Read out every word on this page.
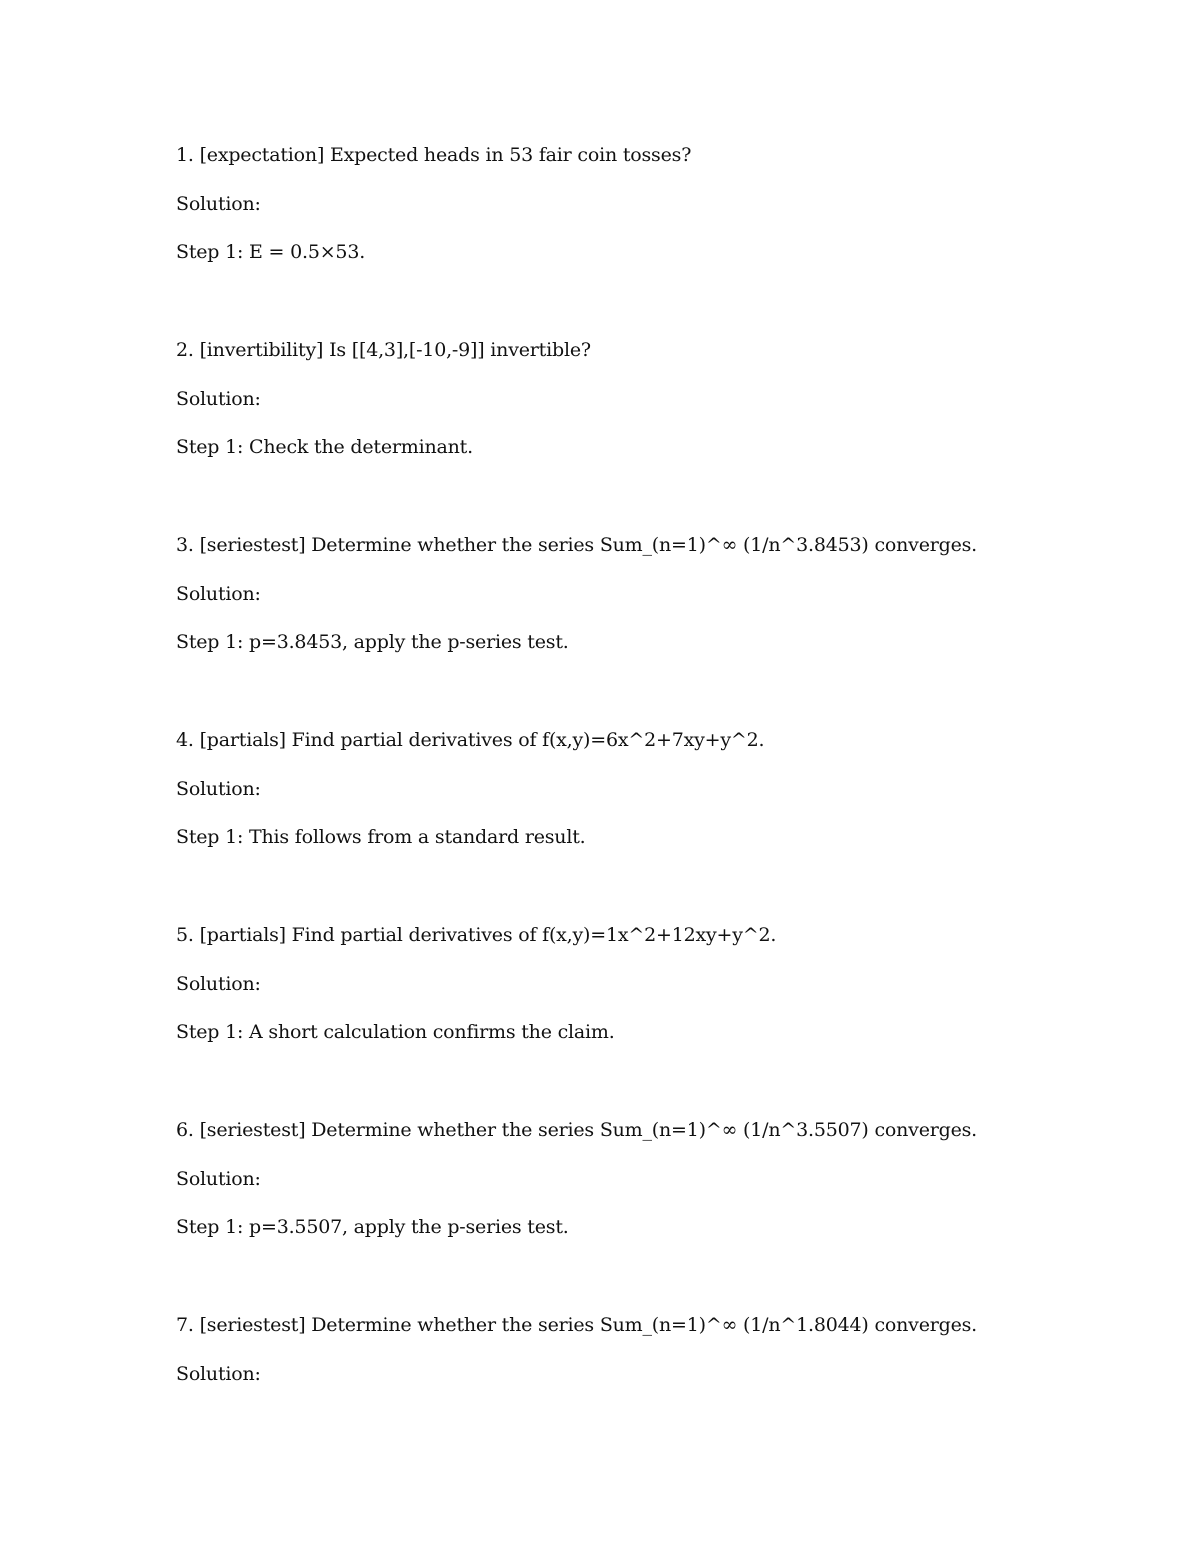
1. [expectation] Expected heads in 53 fair coin tosses?
Solution:
Step 1: E = 0.5×53.
2. [invertibility] Is [[4,3],[-10,-9]] invertible?
Solution:
Step 1: Check the determinant.
3. [seriestest] Determine whether the series Sum_(n=1)^∞ (1/n^3.8453) converges.
Solution:
Step 1: p=3.8453, apply the p-series test.
4. [partials] Find partial derivatives of f(x,y)=6x^2+7xy+y^2.
Solution:
Step 1: This follows from a standard result.
5. [partials] Find partial derivatives of f(x,y)=1x^2+12xy+y^2.
Solution:
Step 1: A short calculation confirms the claim.
6. [seriestest] Determine whether the series Sum_(n=1)^∞ (1/n^3.5507) converges.
Solution:
Step 1: p=3.5507, apply the p-series test.
7. [seriestest] Determine whether the series Sum_(n=1)^∞ (1/n^1.8044) converges.
Solution:
